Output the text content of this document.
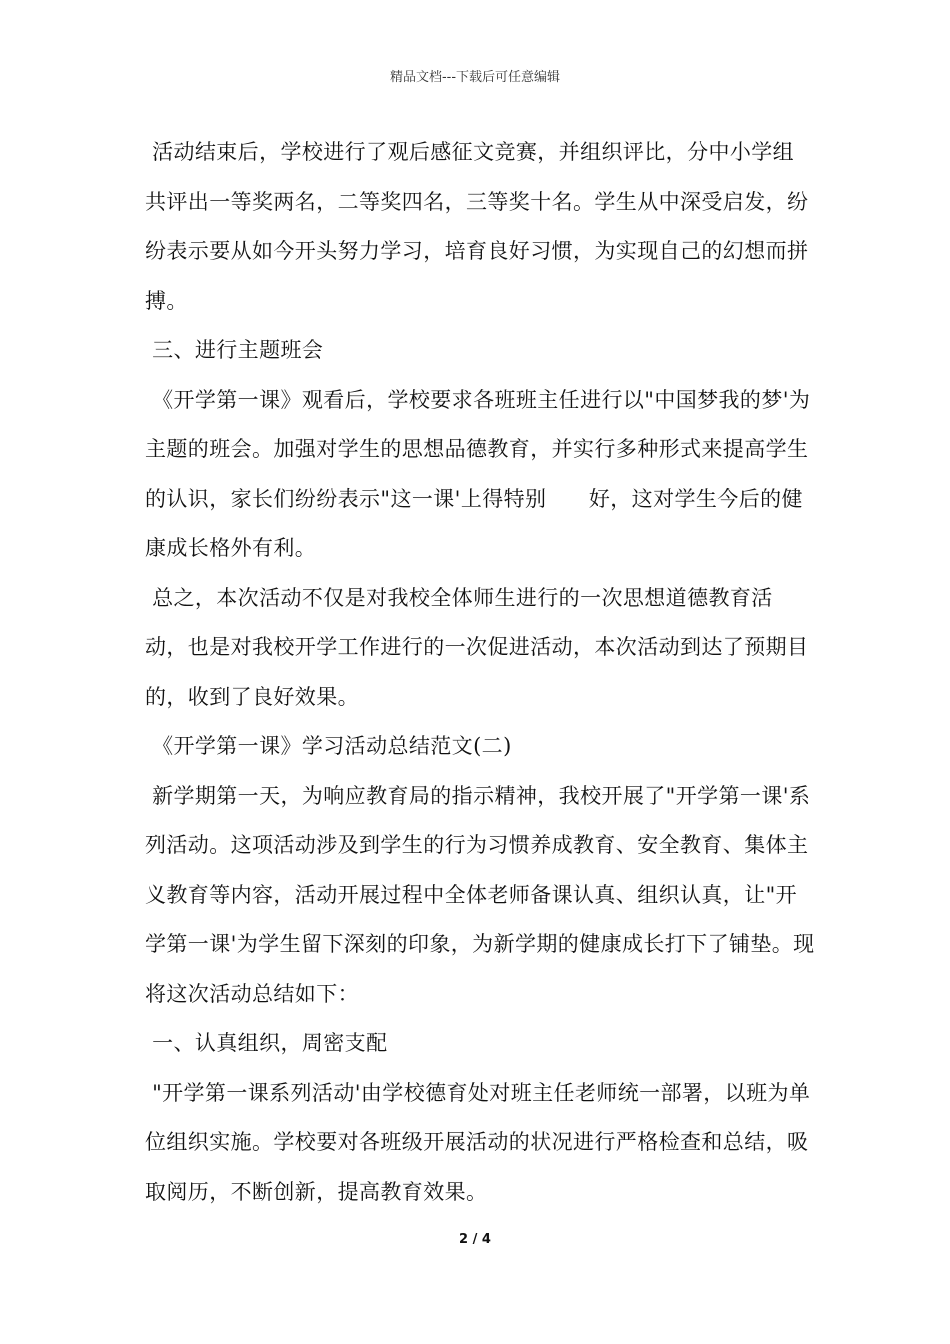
精品文档---下载后可任意编辑

活动结束后，学校进行了观后感征文竞赛，并组织评比，分中小学组共评出一等奖两名，二等奖四名，三等奖十名。学生从中深受启发，纷纷表示要从如今开头努力学习，培育良好习惯，为实现自己的幻想而拼搏。

三、进行主题班会

《开学第一课》观看后，学校要求各班班主任进行以"中国梦我的梦'为主题的班会。加强对学生的思想品德教育，并实行多种形式来提高学生的认识，家长们纷纷表示"这一课'上得特别      好，这对学生今后的健康成长格外有利。

总之，本次活动不仅是对我校全体师生进行的一次思想道德教育活动，也是对我校开学工作进行的一次促进活动，本次活动到达了预期目的，收到了良好效果。

《开学第一课》学习活动总结范文(二)

新学期第一天，为响应教育局的指示精神，我校开展了"开学第一课'系列活动。这项活动涉及到学生的行为习惯养成教育、安全教育、集体主义教育等内容，活动开展过程中全体老师备课认真、组织认真，让"开学第一课'为学生留下深刻的印象，为新学期的健康成长打下了铺垫。现将这次活动总结如下：

一、认真组织，周密支配

"开学第一课系列活动'由学校德育处对班主任老师统一部署，以班为单位组织实施。学校要对各班级开展活动的状况进行严格检查和总结，吸取阅历，不断创新，提高教育效果。

2 / 4
